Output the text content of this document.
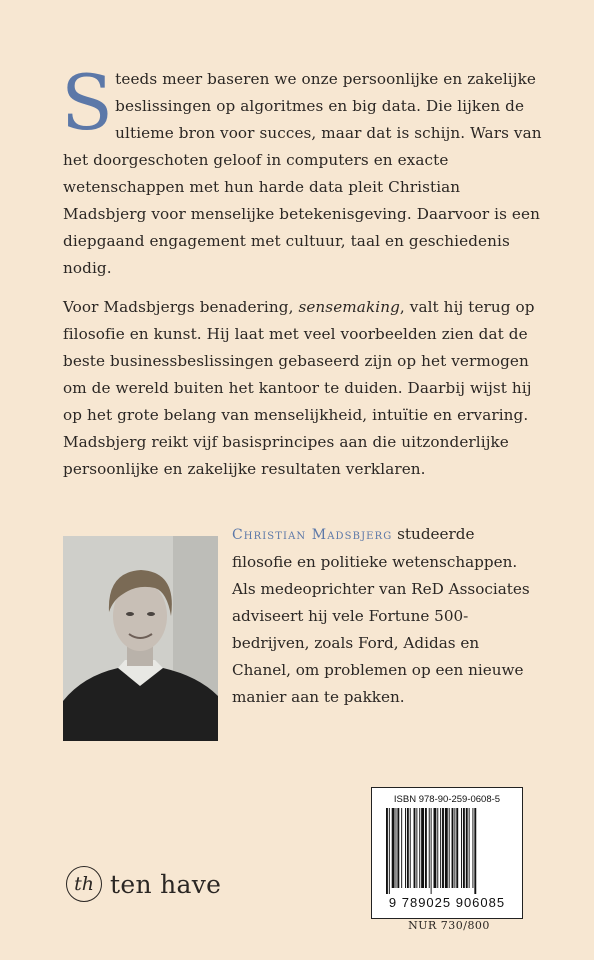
Steeds meer baseren we onze persoonlijke en zakelijke beslissingen op algoritmes en big data. Die lijken de ultieme bron voor succes, maar dat is schijn. Wars van het doorgeschoten geloof in computers en exacte wetenschappen met hun harde data pleit Christian Madsbjerg voor menselijke betekenisgeving. Daarvoor is een diepgaand engagement met cultuur, taal en geschiedenis nodig.
Voor Madsbjergs benadering, sensemaking, valt hij terug op filosofie en kunst. Hij laat met veel voorbeelden zien dat de beste businessbeslissingen gebaseerd zijn op het vermogen om de wereld buiten het kantoor te duiden. Daarbij wijst hij op het grote belang van menselijkheid, intuïtie en ervaring. Madsbjerg reikt vijf basisprincipes aan die uitzonderlijke persoonlijke en zakelijke resultaten verklaren.
Christian Madsbjerg studeerde filosofie en politieke wetenschappen. Als medeoprichter van ReD Associates adviseert hij vele Fortune 500-bedrijven, zoals Ford, Adidas en Chanel, om problemen op een nieuwe manier aan te pakken.
th ten have
ISBN 978-90-259-0608-5
9 789025 906085
NUR 730/800
